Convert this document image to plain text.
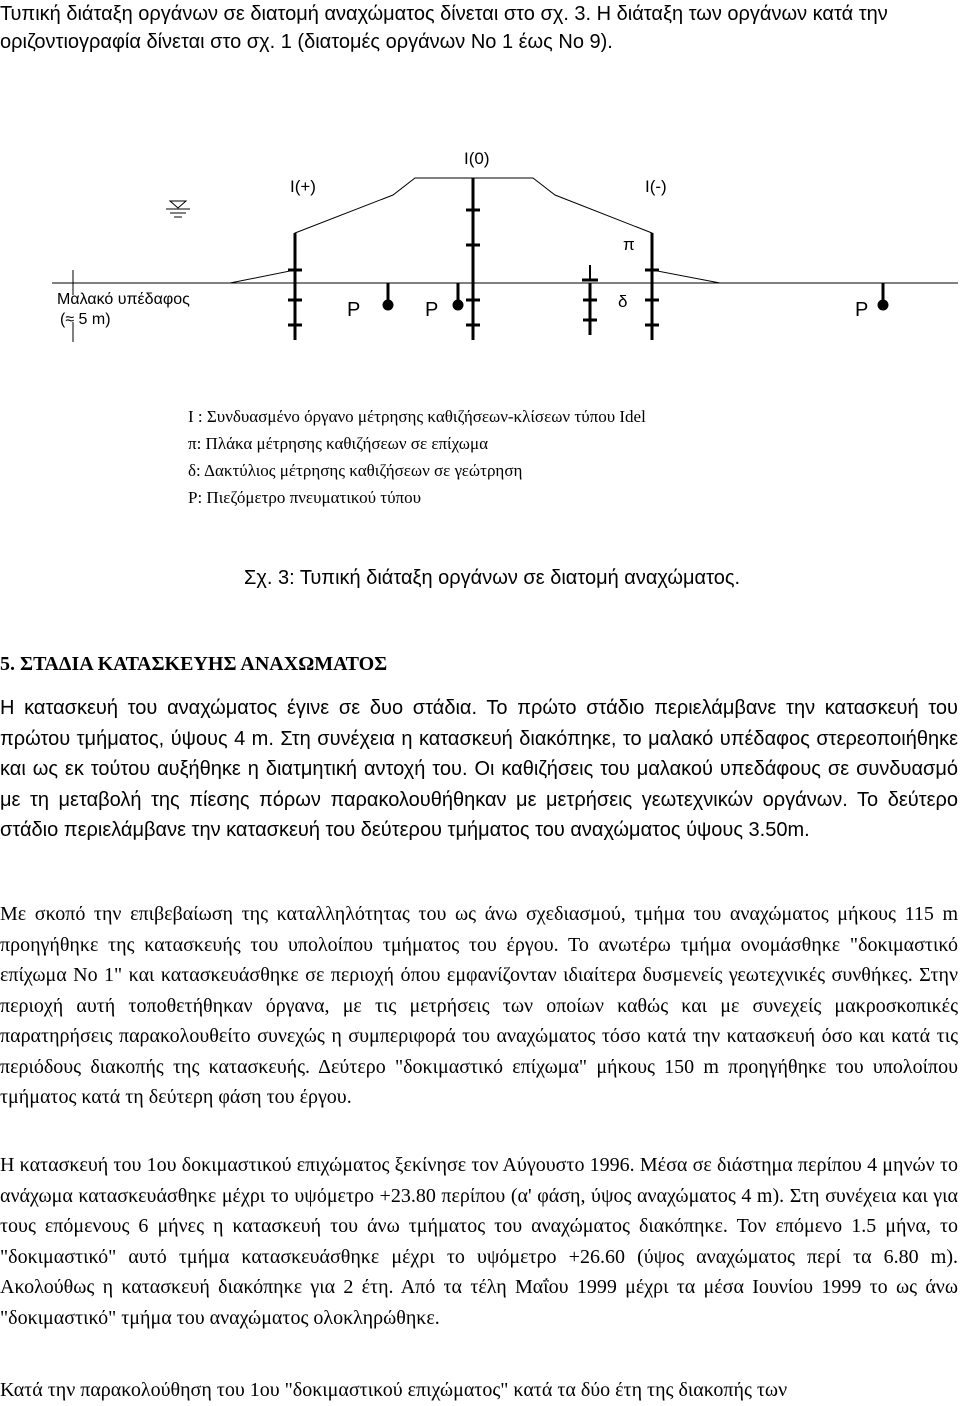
Τυπική διάταξη οργάνων σε διατομή αναχώματος δίνεται στο σχ. 3. Η διάταξη των οργάνων κατά την οριζοντιογραφία δίνεται στο σχ. 1 (διατομές οργάνων No 1 έως No 9).
I(0)
I(+)	I(-)
π
δ
P	P	P
Μαλακό υπέδαφος
(≈ 5 m)
I : Συνδυασμένο όργανο μέτρησης καθιζήσεων-κλίσεων τύπου Idel
π: Πλάκα μέτρησης καθιζήσεων σε επίχωμα
δ: Δακτύλιος μέτρησης καθιζήσεων σε γεώτρηση
P: Πιεζόμετρο πνευματικού τύπου
Σχ. 3: Τυπική διάταξη οργάνων σε διατομή αναχώματος.
5. ΣΤΑΔΙΑ ΚΑΤΑΣΚΕΥΗΣ ΑΝΑΧΩΜΑΤΟΣ

Η κατασκευή του αναχώματος έγινε σε δυο στάδια. Το πρώτο στάδιο περιελάμβανε την κατασκευή του πρώτου τμήματος, ύψους 4 m. Στη συνέχεια η κατασκευή διακόπηκε, το μαλακό υπέδαφος στερεοποιήθηκε και ως εκ τούτου αυξήθηκε η διατμητική αντοχή του. Οι καθιζήσεις του μαλακού υπεδάφους σε συνδυασμό με τη μεταβολή της πίεσης πόρων παρακολουθήθηκαν με μετρήσεις γεωτεχνικών οργάνων. Το δεύτερο στάδιο περιελάμβανε την κατασκευή του δεύτερου τμήματος του αναχώματος ύψους 3.50m.

Με σκοπό την επιβεβαίωση της καταλληλότητας του ως άνω σχεδιασμού, τμήμα του αναχώματος μήκους 115 m προηγήθηκε της κατασκευής του υπολοίπου τμήματος του έργου. Το ανωτέρω τμήμα ονομάσθηκε "δοκιμαστικό επίχωμα No 1" και κατασκευάσθηκε σε περιοχή όπου εμφανίζονταν ιδιαίτερα δυσμενείς γεωτεχνικές συνθήκες. Στην περιοχή αυτή τοποθετήθηκαν όργανα, με τις μετρήσεις των οποίων καθώς και με συνεχείς μακροσκοπικές παρατηρήσεις παρακολουθείτο συνεχώς η συμπεριφορά του αναχώματος τόσο κατά την κατασκευή όσο και κατά τις περιόδους διακοπής της κατασκευής. Δεύτερο "δοκιμαστικό επίχωμα" μήκους 150 m προηγήθηκε του υπολοίπου τμήματος κατά τη δεύτερη φάση του έργου.

Η κατασκευή του 1ου δοκιμαστικού επιχώματος ξεκίνησε τον Αύγουστο 1996. Μέσα σε διάστημα περίπου 4 μηνών το ανάχωμα κατασκευάσθηκε μέχρι το υψόμετρο +23.80 περίπου (α' φάση, ύψος αναχώματος 4 m). Στη συνέχεια και για τους επόμενους 6 μήνες η κατασκευή του άνω τμήματος του αναχώματος διακόπηκε. Τον επόμενο 1.5 μήνα, το "δοκιμαστικό" αυτό τμήμα κατασκευάσθηκε μέχρι το υψόμετρο +26.60 (ύψος αναχώματος περί τα 6.80 m). Ακολούθως η κατασκευή διακόπηκε για 2 έτη. Από τα τέλη Μαΐου 1999 μέχρι τα μέσα Ιουνίου 1999 το ως άνω "δοκιμαστικό" τμήμα του αναχώματος ολοκληρώθηκε.

Κατά την παρακολούθηση του 1ου "δοκιμαστικού επιχώματος" κατά τα δύο έτη της διακοπής των
